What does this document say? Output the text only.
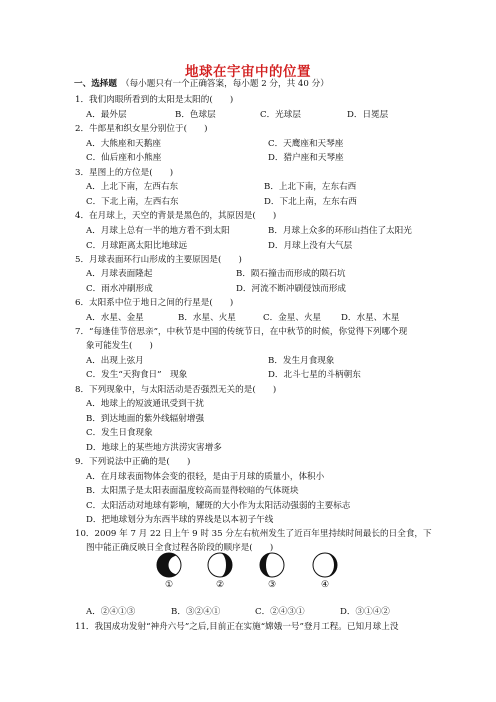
地球在宇宙中的位置
一、选择题 （每小题只有一个正确答案，每小题 2 分，共 40 分）
1．我们肉眼所看到的太阳是太阳的(　　)
A．最外层	B．色球层	C．光球层	D．日冕层
2．牛郎星和织女星分别位于(　　)
A．大熊座和天鹅座	C．天鹰座和天琴座
C．仙后座和小熊座	D．猎户座和天琴座
3．星图上的方位是(　　)
A．上北下南，左西右东	B．上北下南，左东右西
C．下北上南，左西右东	D．下北上南，左东右西
4．在月球上，天空的背景是黑色的，其原因是(　　)
A．月球上总有一半的地方看不到太阳	B．月球上众多的环形山挡住了太阳光
C．月球距离太阳比地球远	D．月球上没有大气层
5．月球表面环行山形成的主要原因是(　　)
A．月球表面隆起	B．陨石撞击而形成的陨石坑
C．雨水冲刷形成	D．河流不断冲刷侵蚀而形成
6．太阳系中位于地日之间的行星是(　　)
A．水星、金星	B．水星、火星	C．金星、火星 D．水星、木星
7．“每逢佳节倍思亲”，中秋节是中国的传统节日，在中秋节的时候，你觉得下列哪个现
象可能发生(　　)
A．出现上弦月	B．发生月食现象
C．发生“天狗食日”　现象	D．北斗七星的斗柄朝东
8．下列现象中，与太阳活动是否强烈无关的是(　　)
A．地球上的短波通讯受到干扰
B．到达地面的紫外线辐射增强
C．发生日食现象
D．地球上的某些地方洪涝灾害增多
9．下列说法中正确的是(　　)
A．在月球表面物体会变的很轻，是由于月球的质量小，体积小
B．太阳黑子是太阳表面温度较高而显得较暗的气体斑块
C．太阳活动对地球有影响，耀斑的大小作为太阳活动强弱的主要标志
D．把地球划分为东西半球的界线是以本初子午线
10．2009 年 7 月 22 日上午 9 时 35 分左右杭州发生了近百年里持续时间最长的日全食，下
图中能正确反映日全食过程各阶段的顺序是(　　)
①	②	③	④
A．②④①③	B．③②④①	C．②④③①	D．③①④②
11．我国成功发射“神舟六号”之后,目前正在实施“嫦娥一号”登月工程。已知月球上没
